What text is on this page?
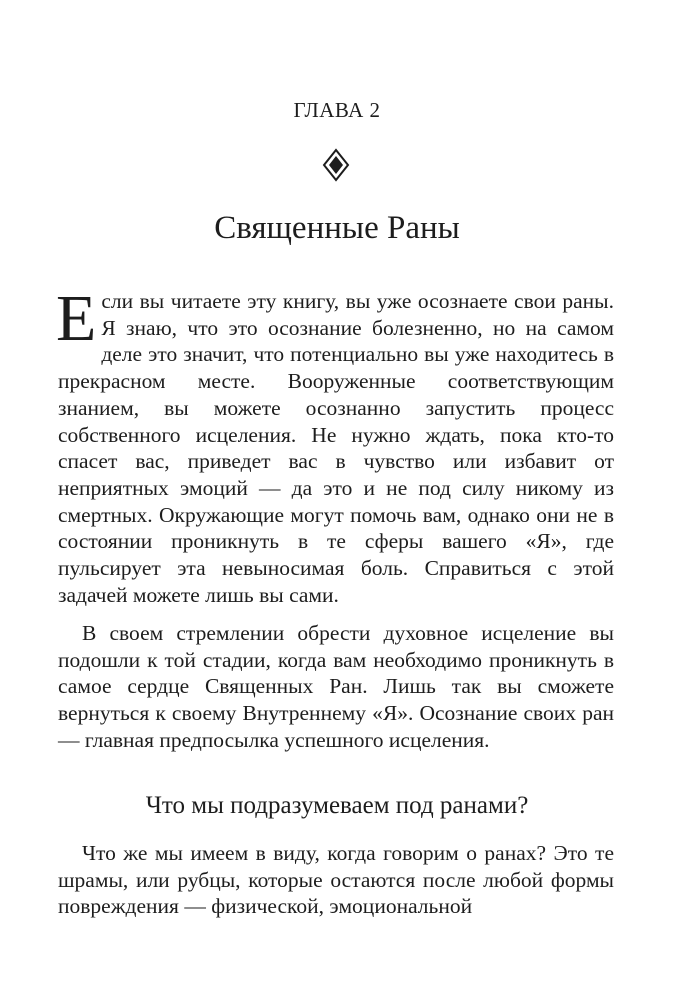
ГЛАВА 2
Священные Раны

Если вы читаете эту книгу, вы уже осознаете свои раны. Я знаю, что это осознание болезненно, но на самом деле это значит, что потенциально вы уже находитесь в прекрасном месте. Вооруженные соответствующим знанием, вы можете осознанно запустить процесс собственного исцеления. Не нужно ждать, пока кто-то спасет вас, приведет вас в чувство или избавит от неприятных эмоций — да это и не под силу никому из смертных. Окружающие могут помочь вам, однако они не в состоянии проникнуть в те сферы вашего «Я», где пульсирует эта невыносимая боль. Справиться с этой задачей можете лишь вы сами.

В своем стремлении обрести духовное исцеление вы подошли к той стадии, когда вам необходимо проникнуть в самое сердце Священных Ран. Лишь так вы сможете вернуться к своему Внутреннему «Я». Осознание своих ран — главная предпосылка успешного исцеления.

Что мы подразумеваем под ранами?

Что же мы имеем в виду, когда говорим о ранах? Это те шрамы, или рубцы, которые остаются после любой формы повреждения — физической, эмоциональной
